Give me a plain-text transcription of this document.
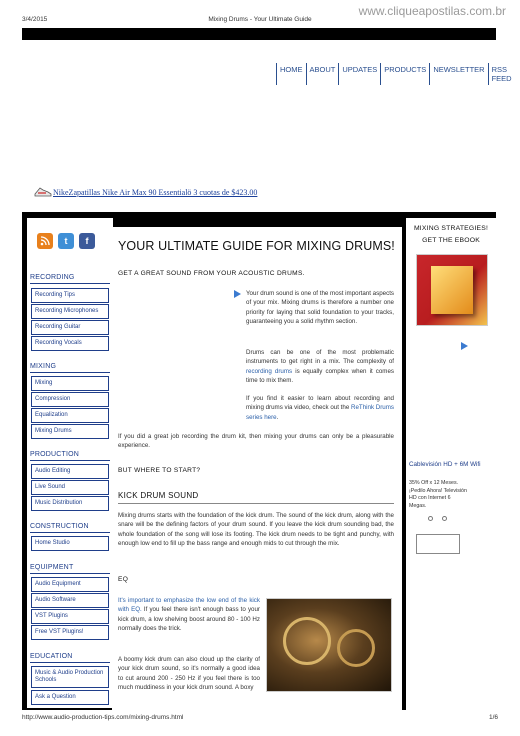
3/4/2015	Mixing Drums - Your Ultimate Guide
www.cliqueapostilas.com.br
HOME ABOUT UPDATES PRODUCTS NEWSLETTER RSS FEED
NikeZapatillas Nike Air Max 90 Essentialö 3 cuotas de $423.00
t	f
RECORDING
Recording Tips
Recording Microphones
Recording Guitar
Recording Vocals
MIXING
Mixing
Compression
Equalization
Mixing Drums
PRODUCTION
Audio Editing
Live Sound
Music Distribution
CONSTRUCTION
Home Studio
EQUIPMENT
Audio Equipment
Audio Software
VST Plugins
Free VST Plugins!
EDUCATION
Music & Audio Production Schools
Ask a Question
YOUR ULTIMATE GUIDE FOR MIXING DRUMS!
GET A GREAT SOUND FROM YOUR ACOUSTIC DRUMS.
Your drum sound is one of the most important aspects of your mix. Mixing drums is therefore a number one priority for laying that solid foundation to your tracks, guaranteeing you a solid rhythm section.
Drums can be one of the most problematic instruments to get right in a mix. The complexity of recording drums is equally complex when it comes time to mix them.
If you find it easier to learn about recording and mixing drums via video, check out the ReThink Drums series here.
If you did a great job recording the drum kit, then mixing your drums can only be a pleasurable experience.
BUT WHERE TO START?
KICK DRUM SOUND
Mixing drums starts with the foundation of the kick drum. The sound of the kick drum, along with the snare will be the defining factors of your drum sound. If you leave the kick drum sounding bad, the whole foundation of the song will lose its footing. The kick drum needs to be tight and punchy, with enough low end to fill up the bass range and enough mids to cut through the mix.
EQ
It's important to emphasize the low end of the kick with EQ. If you feel there isn't enough bass to your kick drum, a low shelving boost around 80 - 100 Hz normally does the trick.
A boomy kick drum can also cloud up the clarity of your kick drum sound, so it's normally a good idea to cut around 200 - 250 Hz if you feel there is too much muddiness in your kick drum sound. A boxy
MIXING STRATEGIES!
GET THE EBOOK
Cablevisión HD + 6M Wifi
35% Off x 12 Meses. ¡Pedilo Ahora! Televisión HD con Internet 6 Megas.
http://www.audio-production-tips.com/mixing-drums.html	1/6
